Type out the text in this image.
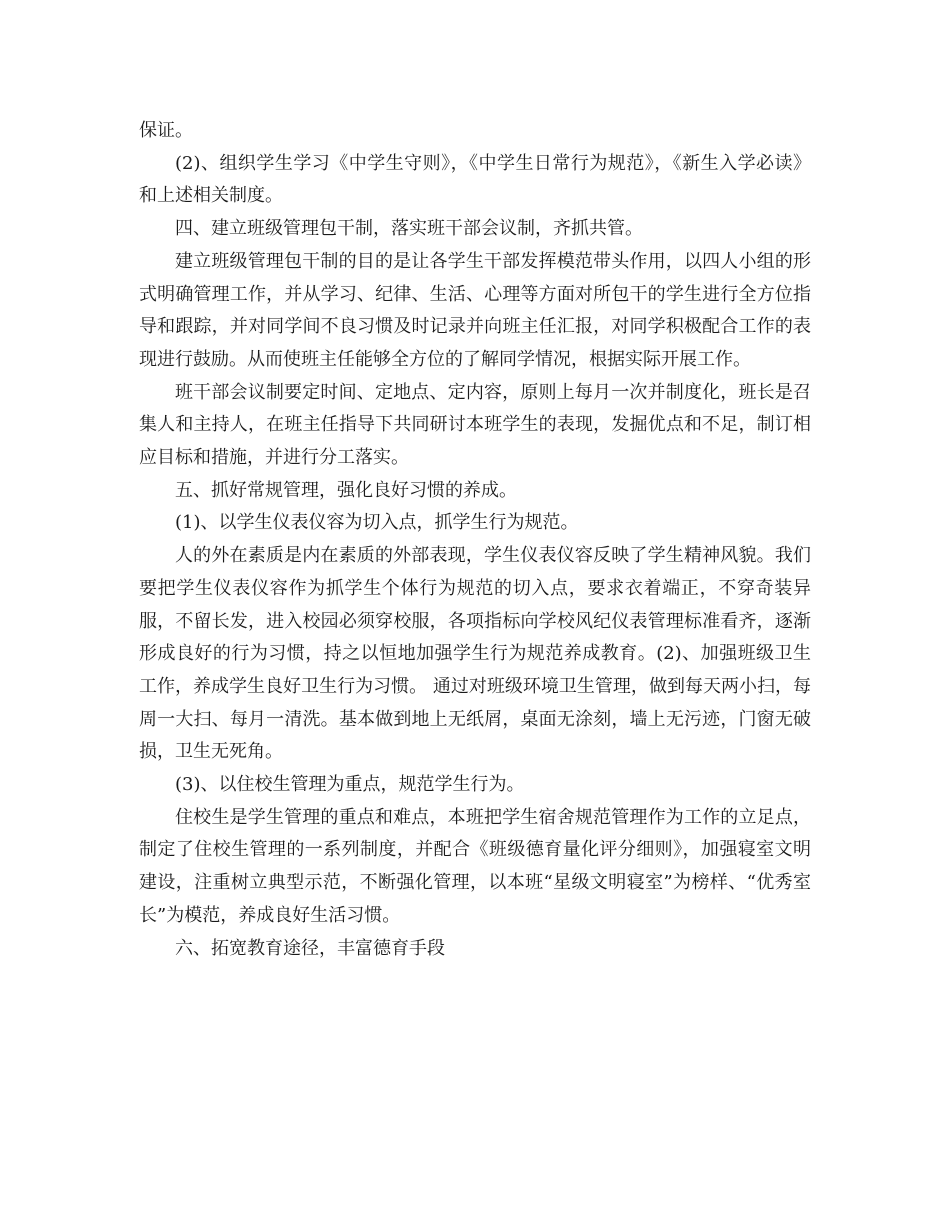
保证。

(2)、组织学生学习《中学生守则》，《中学生日常行为规范》，《新生入学必读》和上述相关制度。

四、建立班级管理包干制，落实班干部会议制，齐抓共管。

建立班级管理包干制的目的是让各学生干部发挥模范带头作用，以四人小组的形式明确管理工作，并从学习、纪律、生活、心理等方面对所包干的学生进行全方位指导和跟踪，并对同学间不良习惯及时记录并向班主任汇报，对同学积极配合工作的表现进行鼓励。从而使班主任能够全方位的了解同学情况，根据实际开展工作。

班干部会议制要定时间、定地点、定内容，原则上每月一次并制度化，班长是召集人和主持人，在班主任指导下共同研讨本班学生的表现，发掘优点和不足，制订相应目标和措施，并进行分工落实。

五、抓好常规管理，强化良好习惯的养成。

(1)、以学生仪表仪容为切入点，抓学生行为规范。

人的外在素质是内在素质的外部表现，学生仪表仪容反映了学生精神风貌。我们要把学生仪表仪容作为抓学生个体行为规范的切入点，要求衣着端正，不穿奇装异服，不留长发，进入校园必须穿校服，各项指标向学校风纪仪表管理标准看齐，逐渐形成良好的行为习惯，持之以恒地加强学生行为规范养成教育。(2)、加强班级卫生工作，养成学生良好卫生行为习惯。 通过对班级环境卫生管理，做到每天两小扫，每周一大扫、每月一清洗。基本做到地上无纸屑，桌面无涂刻，墙上无污迹，门窗无破损，卫生无死角。

(3)、以住校生管理为重点，规范学生行为。

住校生是学生管理的重点和难点，本班把学生宿舍规范管理作为工作的立足点，制定了住校生管理的一系列制度，并配合《班级德育量化评分细则》，加强寝室文明建设，注重树立典型示范，不断强化管理，以本班“星级文明寝室”为榜样、“优秀室长”为模范，养成良好生活习惯。

六、拓宽教育途径，丰富德育手段
